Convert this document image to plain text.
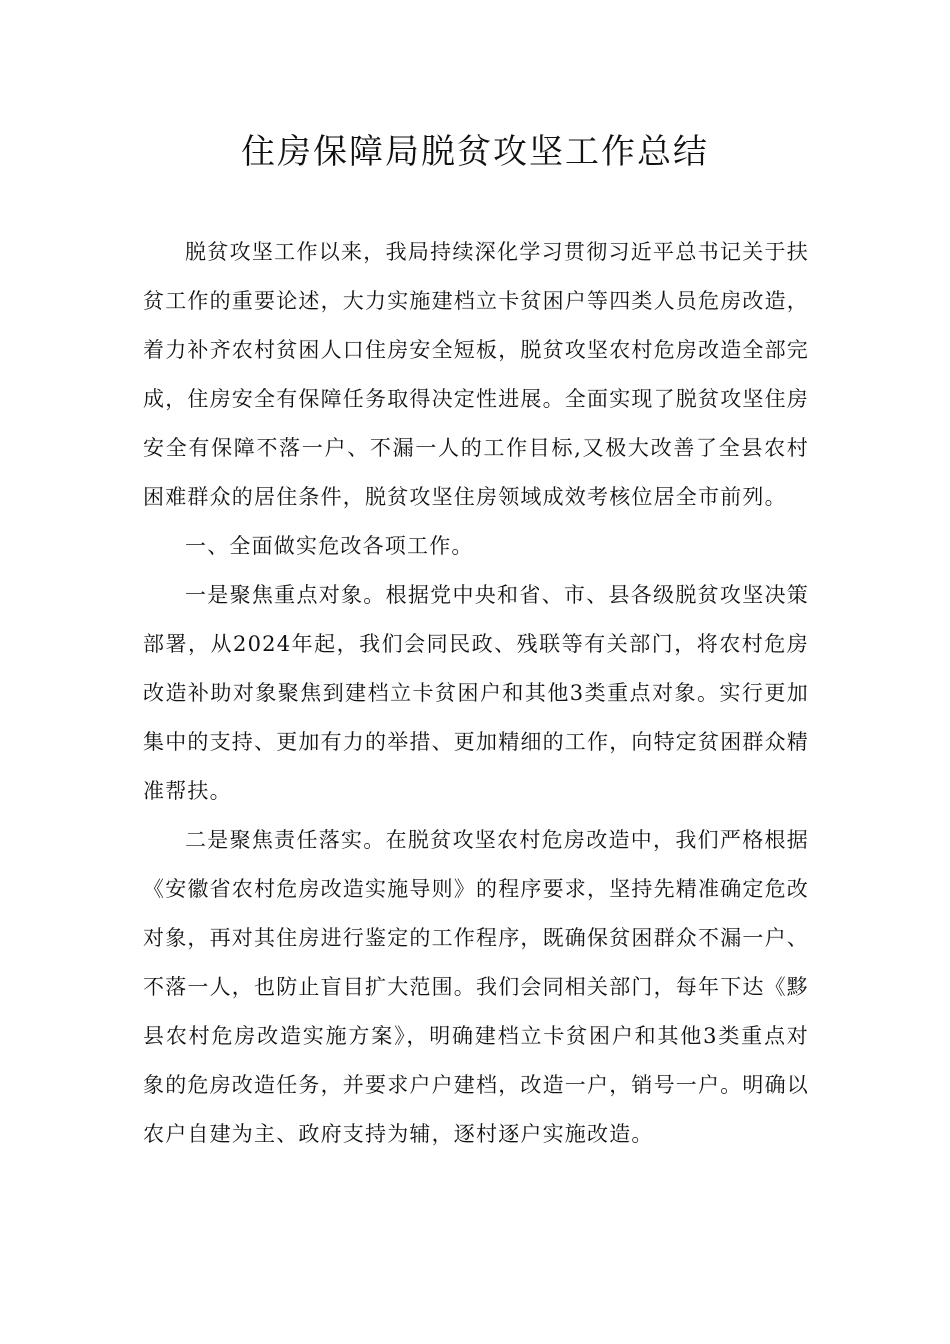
住房保障局脱贫攻坚工作总结

脱贫攻坚工作以来，我局持续深化学习贯彻习近平总书记关于扶贫工作的重要论述，大力实施建档立卡贫困户等四类人员危房改造，着力补齐农村贫困人口住房安全短板，脱贫攻坚农村危房改造全部完成，住房安全有保障任务取得决定性进展。全面实现了脱贫攻坚住房安全有保障不落一户、不漏一人的工作目标,又极大改善了全县农村困难群众的居住条件，脱贫攻坚住房领域成效考核位居全市前列。

一、全面做实危改各项工作。

一是聚焦重点对象。根据党中央和省、市、县各级脱贫攻坚决策部署，从2024年起，我们会同民政、残联等有关部门，将农村危房改造补助对象聚焦到建档立卡贫困户和其他3类重点对象。实行更加集中的支持、更加有力的举措、更加精细的工作，向特定贫困群众精准帮扶。

二是聚焦责任落实。在脱贫攻坚农村危房改造中，我们严格根据《安徽省农村危房改造实施导则》的程序要求，坚持先精准确定危改对象，再对其住房进行鉴定的工作程序，既确保贫困群众不漏一户、不落一人，也防止盲目扩大范围。我们会同相关部门，每年下达《黟县农村危房改造实施方案》，明确建档立卡贫困户和其他3类重点对象的危房改造任务，并要求户户建档，改造一户，销号一户。明确以农户自建为主、政府支持为辅，逐村逐户实施改造。
